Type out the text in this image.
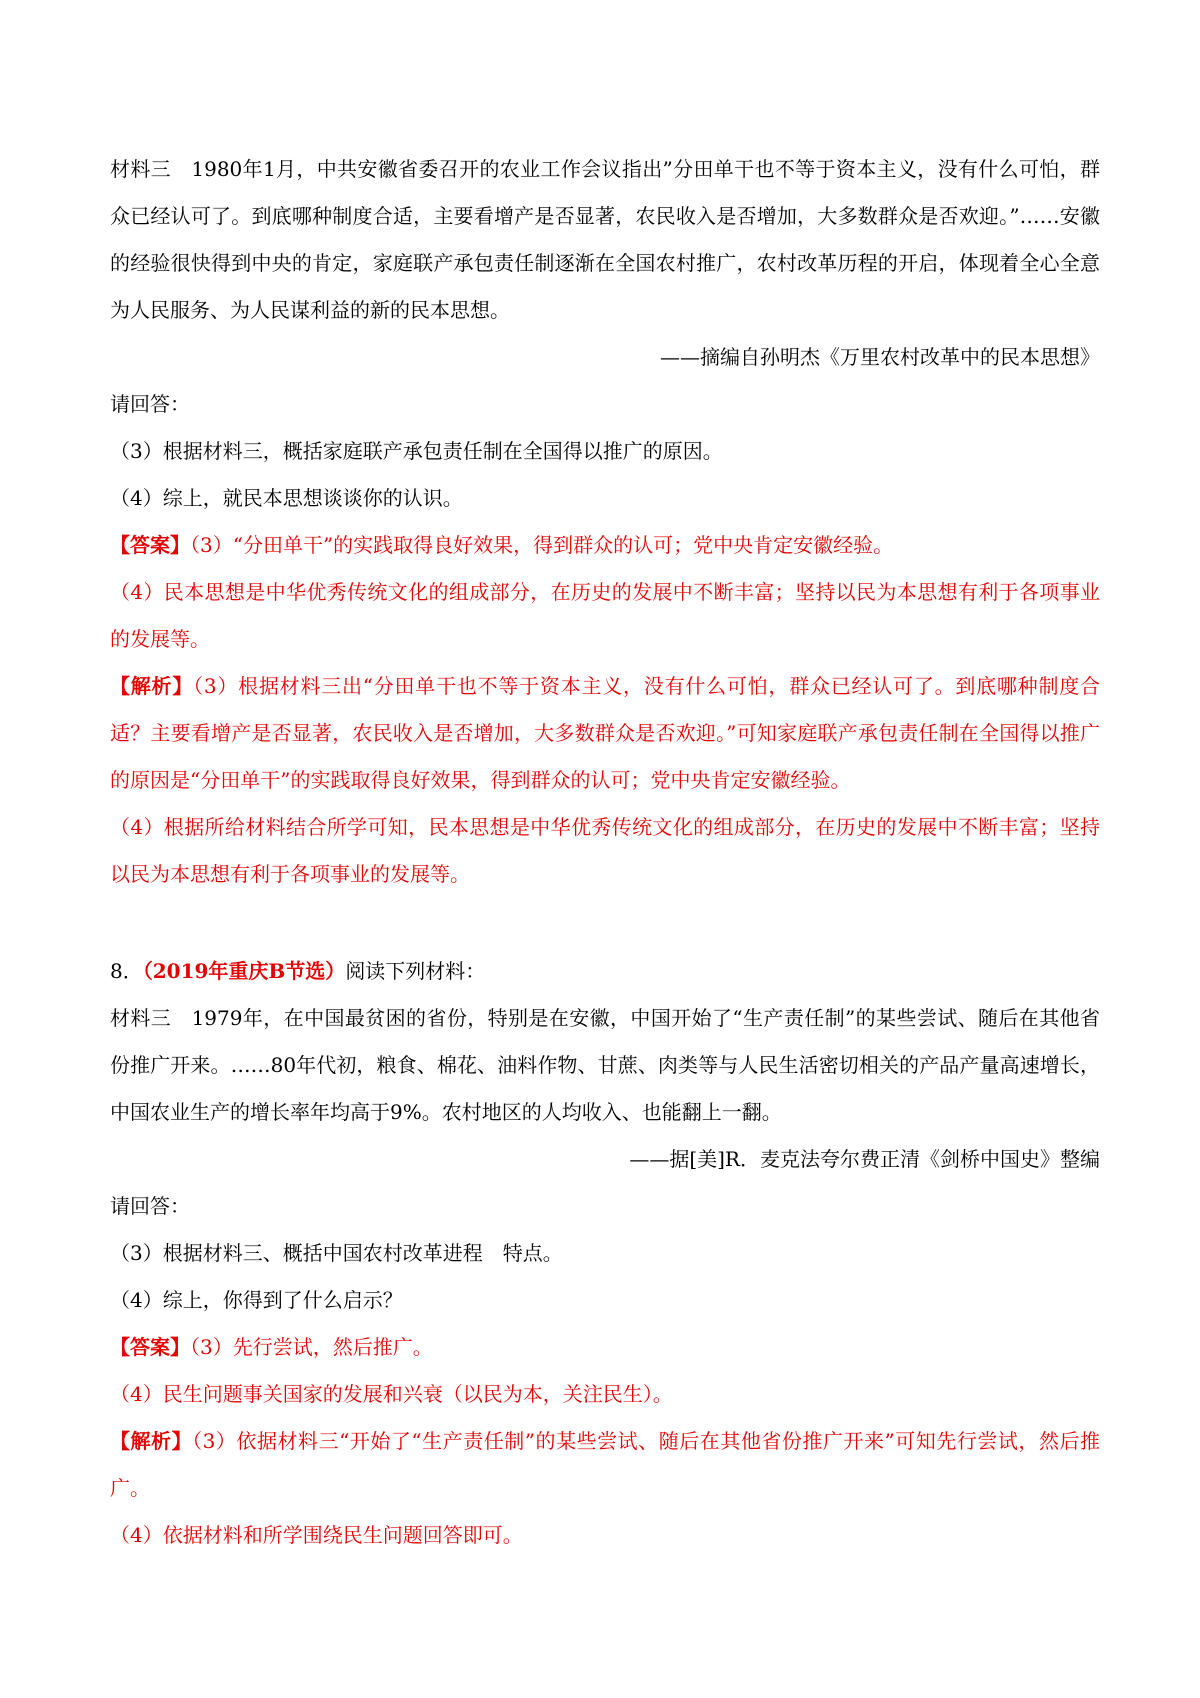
材料三　1980年1月，中共安徽省委召开的农业工作会议指出”分田单干也不等于资本主义，没有什么可怕，群众已经认可了。到底哪种制度合适，主要看增产是否显著，农民收入是否增加，大多数群众是否欢迎。”……安徽的经验很快得到中央的肯定，家庭联产承包责任制逐渐在全国农村推广，农村改革历程的开启，体现着全心全意为人民服务、为人民谋利益的新的民本思想。

——摘编自孙明杰《万里农村改革中的民本思想》

请回答：

（3）根据材料三，概括家庭联产承包责任制在全国得以推广的原因。

（4）综上，就民本思想谈谈你的认识。

【答案】（3）“分田单干”的实践取得良好效果，得到群众的认可；党中央肯定安徽经验。

（4）民本思想是中华优秀传统文化的组成部分，在历史的发展中不断丰富；坚持以民为本思想有利于各项事业的发展等。

【解析】（3）根据材料三出“分田单干也不等于资本主义，没有什么可怕，群众已经认可了。到底哪种制度合适？主要看增产是否显著，农民收入是否增加，大多数群众是否欢迎。”可知家庭联产承包责任制在全国得以推广的原因是“分田单干”的实践取得良好效果，得到群众的认可；党中央肯定安徽经验。

（4）根据所给材料结合所学可知，民本思想是中华优秀传统文化的组成部分，在历史的发展中不断丰富；坚持以民为本思想有利于各项事业的发展等。

8．（2019年重庆B节选）阅读下列材料：

材料三　1979年，在中国最贫困的省份，特别是在安徽，中国开始了“生产责任制”的某些尝试、随后在其他省份推广开来。……80年代初，粮食、棉花、油料作物、甘蔗、肉类等与人民生活密切相关的产品产量高速增长，中国农业生产的增长率年均高于9%。农村地区的人均收入、也能翻上一翻。

——据[美]R．麦克法夸尔费正清《剑桥中国史》整编

请回答：

（3）根据材料三、概括中国农村改革进程　特点。

（4）综上，你得到了什么启示？

【答案】（3）先行尝试，然后推广。

（4）民生问题事关国家的发展和兴衰（以民为本，关注民生）。

【解析】（3）依据材料三“开始了“生产责任制”的某些尝试、随后在其他省份推广开来”可知先行尝试，然后推广。

（4）依据材料和所学围绕民生问题回答即可。
